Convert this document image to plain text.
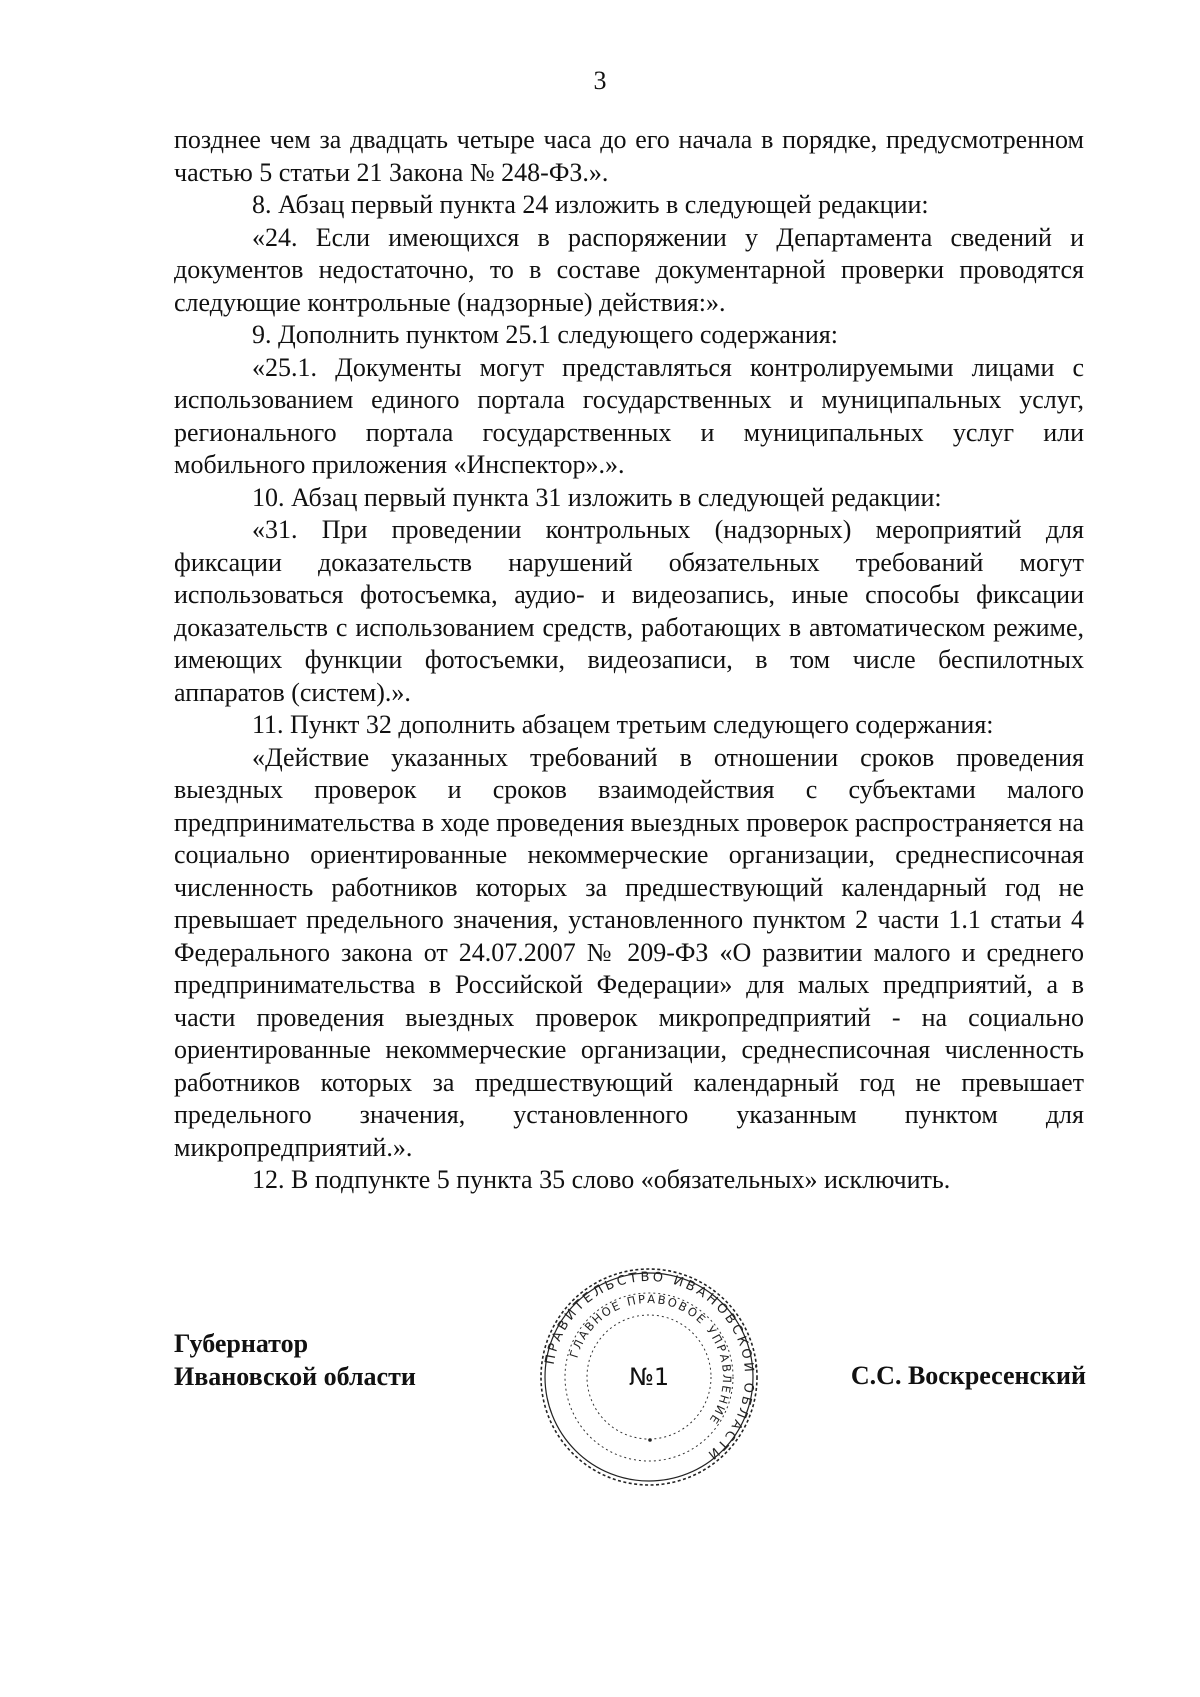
3

позднее чем за двадцать четыре часа до его начала в порядке, предусмотренном частью 5 статьи 21 Закона № 248-ФЗ.».

8. Абзац первый пункта 24 изложить в следующей редакции:

«24. Если имеющихся в распоряжении у Департамента сведений и документов недостаточно, то в составе документарной проверки проводятся следующие контрольные (надзорные) действия:».

9. Дополнить пунктом 25.1 следующего содержания:

«25.1. Документы могут представляться контролируемыми лицами с использованием единого портала государственных и муниципальных услуг, регионального портала государственных и муниципальных услуг или мобильного приложения «Инспектор».».

10. Абзац первый пункта 31 изложить в следующей редакции:

«31. При проведении контрольных (надзорных) мероприятий для фиксации доказательств нарушений обязательных требований могут использоваться фотосъемка, аудио- и видеозапись, иные способы фиксации доказательств с использованием средств, работающих в автоматическом режиме, имеющих функции фотосъемки, видеозаписи, в том числе беспилотных аппаратов (систем).».

11. Пункт 32 дополнить абзацем третьим следующего содержания:

«Действие указанных требований в отношении сроков проведения выездных проверок и сроков взаимодействия с субъектами малого предпринимательства в ходе проведения выездных проверок распространяется на социально ориентированные некоммерческие организации, среднесписочная численность работников которых за предшествующий календарный год не превышает предельного значения, установленного пунктом 2 части 1.1 статьи 4 Федерального закона от 24.07.2007 № 209-ФЗ «О развитии малого и среднего предпринимательства в Российской Федерации» для малых предприятий, а в части проведения выездных проверок микропредприятий - на социально ориентированные некоммерческие организации, среднесписочная численность работников которых за предшествующий календарный год не превышает предельного значения, установленного указанным пунктом для микропредприятий.».

12. В подпункте 5 пункта 35 слово «обязательных» исключить.

Губернатор
Ивановской области	С.С. Воскресенский
ПРАВИТЕЛЬСТВО ИВАНОВСКОЙ ОБЛАСТИ
ГЛАВНОЕ ПРАВОВОЕ УПРАВЛЕНИЕ
№1
